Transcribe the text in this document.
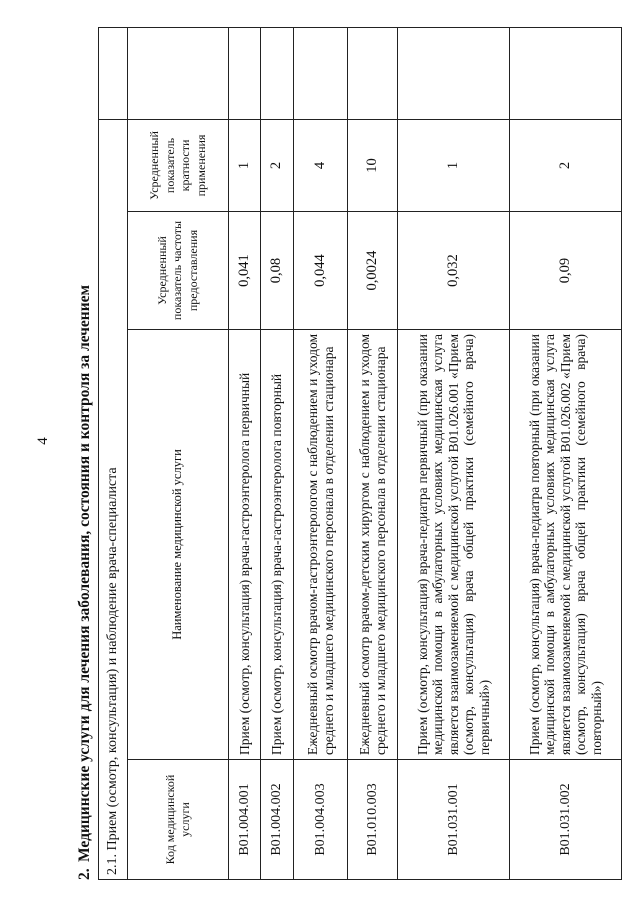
4
2.Медицинские услуги для лечения заболевания, состояния и контроля за лечением 2.1. Прием (осмотр, консультация) и наблюдение врача-специалиста				
Код медицинской услуги	Наименование медицинской услуги	Усредненный показатель частоты предоставления	Усредненный показатель кратности применения	
B01.004.001	Прием (осмотр, консультация) врача-гастроэнтеролога первичный	0,041	1	
B01.004.002	Прием (осмотр, консультация) врача-гастроэнтеролога повторный	0,08	2	
B01.004.003	Ежедневный осмотр врачом-гастроэнтерологом с наблюдением и уходом среднего и младшего медицинского персонала в отделении стационара	0,044	4	
B01.010.003	Ежедневный осмотр врачом-детским хирургом с наблюдением и уходом среднего и младшего медицинского персонала в отделении стационара	0,0024	10	
B01.031.001	Прием (осмотр, консультация) врача-педиатра первичный (при оказании медицинской помощи в амбулаторных условиях медицинская услуга является взаимозаменяемой с медицинской услугой B01.026.001 «Прием (осмотр, консультация) врача общей практики (семейного врача) первичный»)	0,032	1	
B01.031.002	Прием (осмотр, консультация) врача-педиатра повторный (при оказании медицинской помощи в амбулаторных условиях медицинская услуга является взаимозаменяемой с медицинской услугой B01.026.002 «Прием (осмотр, консультация) врача общей практики (семейного врача) повторный»)	0,09	2	
